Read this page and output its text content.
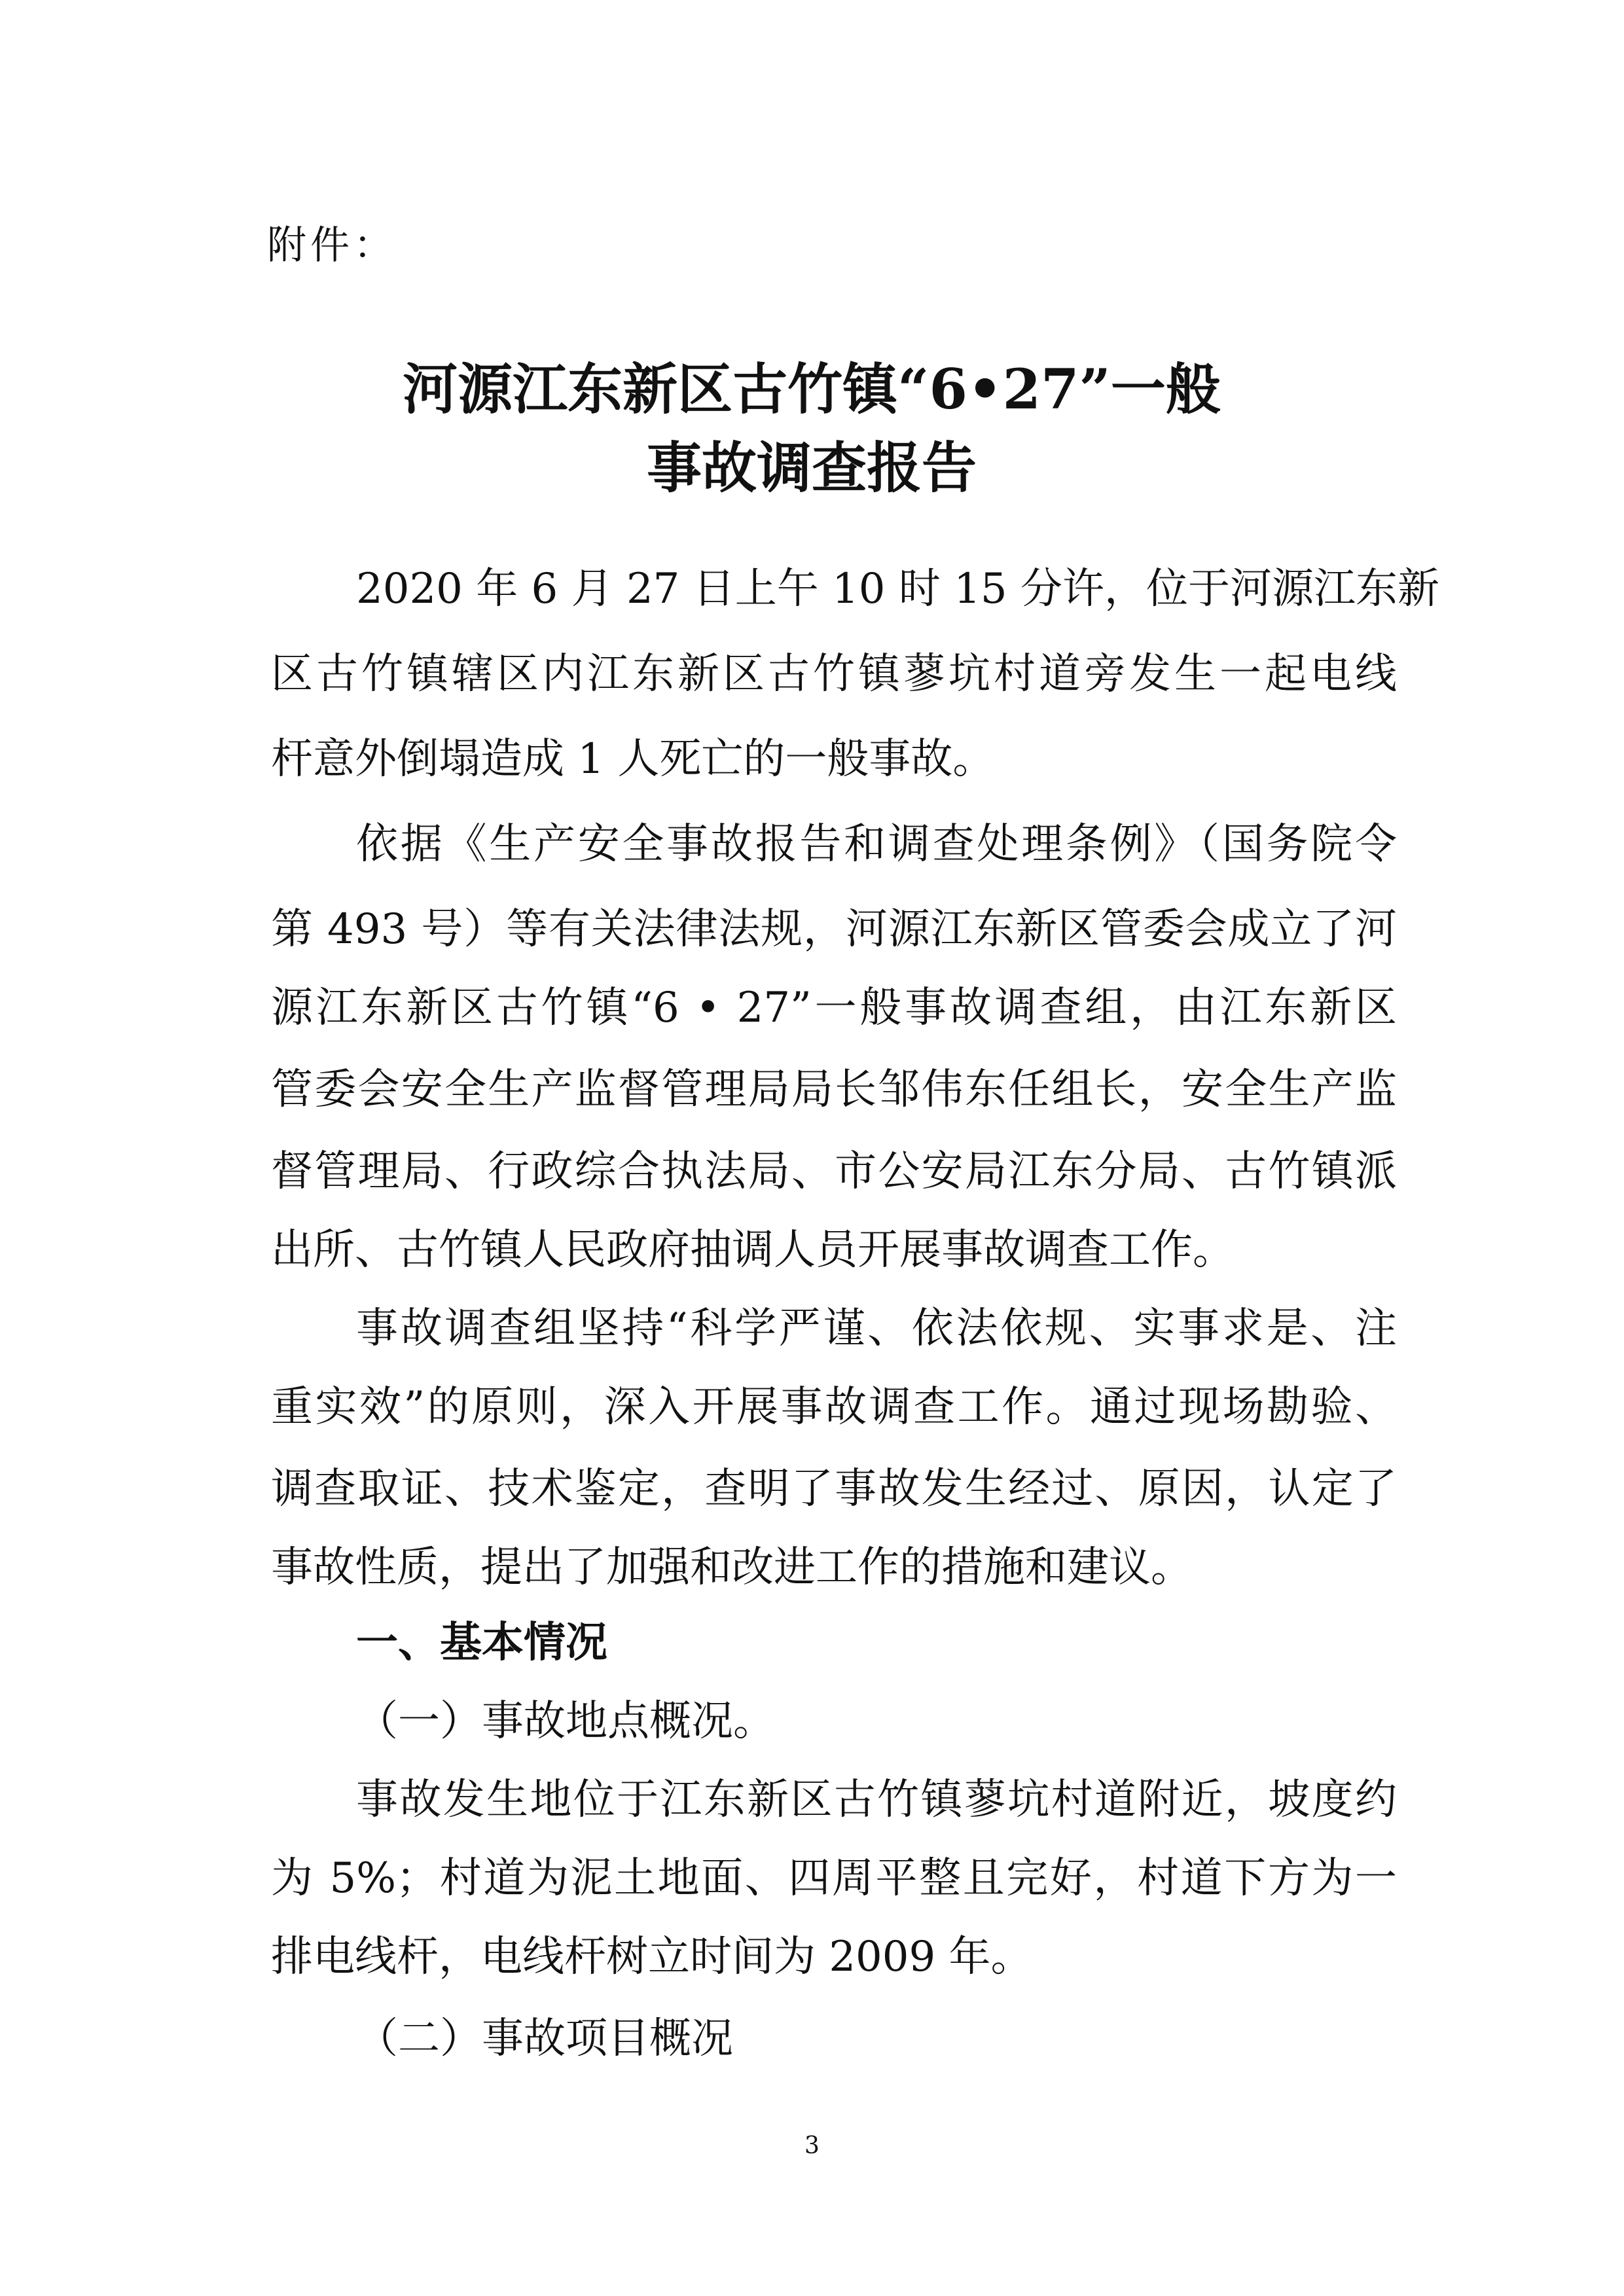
附件：
河源江东新区古竹镇“6•27”一般
事故调查报告
2020 年 6 月 27 日上午 10 时 15 分许，位于河源江东新
区古竹镇辖区内江东新区古竹镇蓼坑村道旁发生一起电线
杆意外倒塌造成 1 人死亡的一般事故。
依据《生产安全事故报告和调查处理条例》（国务院令
第 493 号）等有关法律法规，河源江东新区管委会成立了河
源江东新区古竹镇“6 • 27”一般事故调查组，由江东新区
管委会安全生产监督管理局局长邹伟东任组长，安全生产监
督管理局、行政综合执法局、市公安局江东分局、古竹镇派
出所、古竹镇人民政府抽调人员开展事故调查工作。
事故调查组坚持“科学严谨、依法依规、实事求是、注
重实效”的原则，深入开展事故调查工作。通过现场勘验、
调查取证、技术鉴定，查明了事故发生经过、原因，认定了
事故性质，提出了加强和改进工作的措施和建议。
一、基本情况
（一）事故地点概况。
事故发生地位于江东新区古竹镇蓼坑村道附近，坡度约
为 5%；村道为泥土地面、四周平整且完好，村道下方为一
排电线杆，电线杆树立时间为 2009 年。
（二）事故项目概况
3
